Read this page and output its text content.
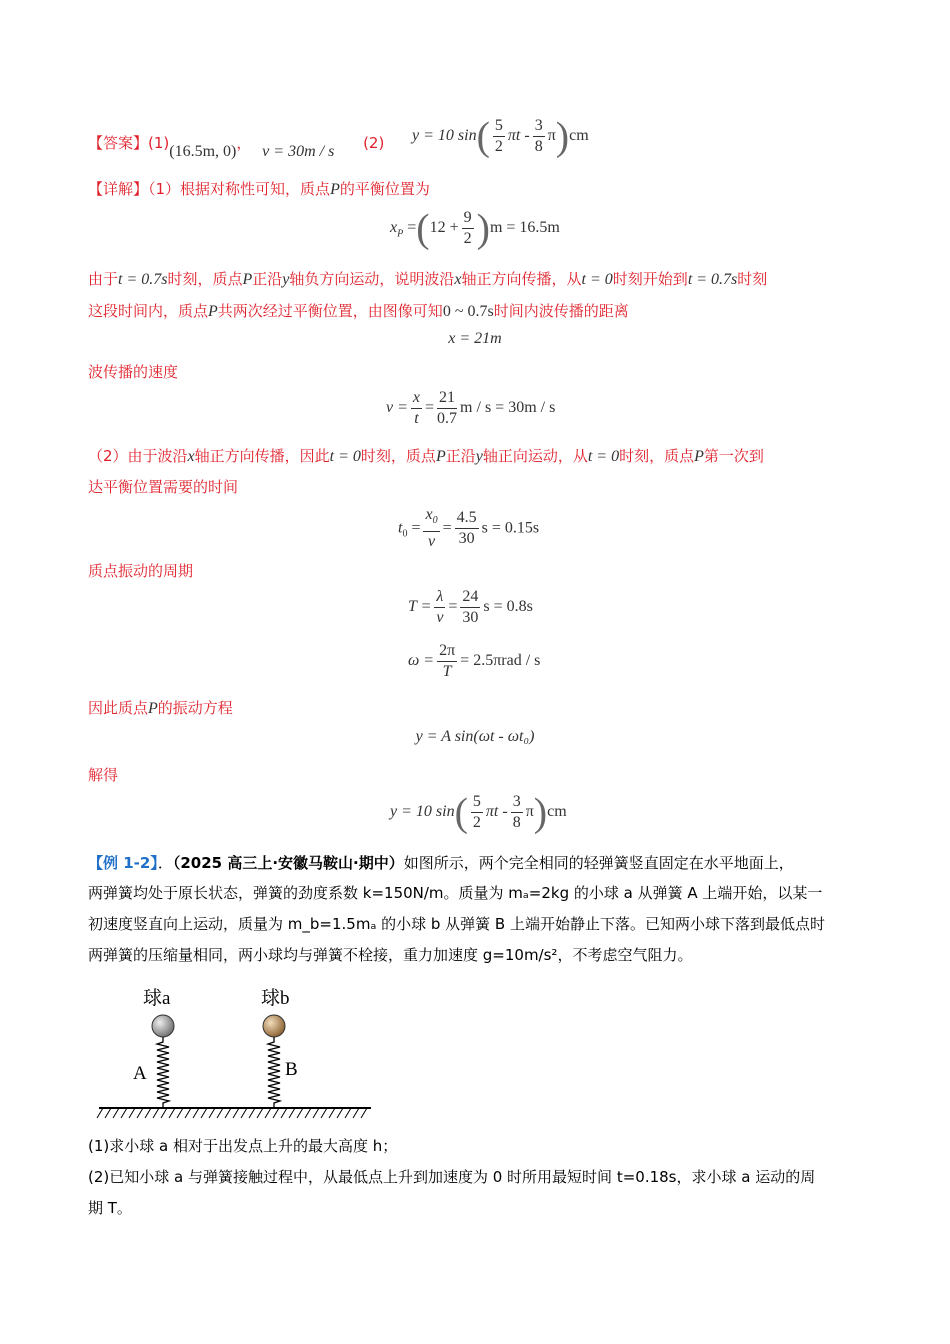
【答案】(1)(16.5m, 0)， v = 30m / s (2) y = 10 $\sin( \frac{5}{2}$ πt - $\frac{3}{8} \pi)cm$
【详解】（1）根据对称性可知，质点P的平衡位置为
$x_P =(12 + \frac{9}{2} )m = 16.5m$
由于t = 0.7s时刻，质点P正沿y轴负方向运动，说明波沿x轴正方向传播，从t = 0时刻开始到t = 0.7s时刻
这段时间内，质点P共两次经过平衡位置，由图像可知0 ~ 0.7s时间内波传播的距离
x = 21m
波传播的速度
$v = \frac{x}{t} = \frac{21}{0.7}$ m / s = 30m / s
（2）由于波沿x轴正方向传播，因此t = 0时刻，质点P正沿y轴正向运动，从t = 0时刻，质点P第一次到
达平衡位置需要的时间
$t_0 = \frac{x_0}{v} = \frac{4.5}{30}$ s = 0.15s
质点振动的周期
$T = \frac{\lambda}{v} = \frac{24}{30}$ s = 0.8s
$\omega = \frac{2\pi}{T} = 2.5\pi rad / s$
因此质点P的振动方程
y = A sin(ωt - ωt₀)
解得
y = 10 $\sin( \frac{5}{2}$ πt - $\frac{3}{8} \pi)cm$
【例 1-2】．（2025 高三上·安徽马鞍山·期中）如图所示，两个完全相同的轻弹簧竖直固定在水平地面上，
两弹簧均处于原长状态，弹簧的劲度系数 k=150N/m。质量为 mₐ=2kg 的小球 a 从弹簧 A 上端开始，以某一
初速度竖直向上运动，质量为 m_b=1.5mₐ 的小球 b 从弹簧 B 上端开始静止下落。已知两小球下落到最低点时
两弹簧的压缩量相同，两小球均与弹簧不栓接，重力加速度 g=10m/s²，不考虑空气阻力。
球a	球b
A	B
(1)求小球 a 相对于出发点上升的最大高度 h；
(2)已知小球 a 与弹簧接触过程中，从最低点上升到加速度为 0 时所用最短时间 t=0.18s，求小球 a 运动的周
期 T。
